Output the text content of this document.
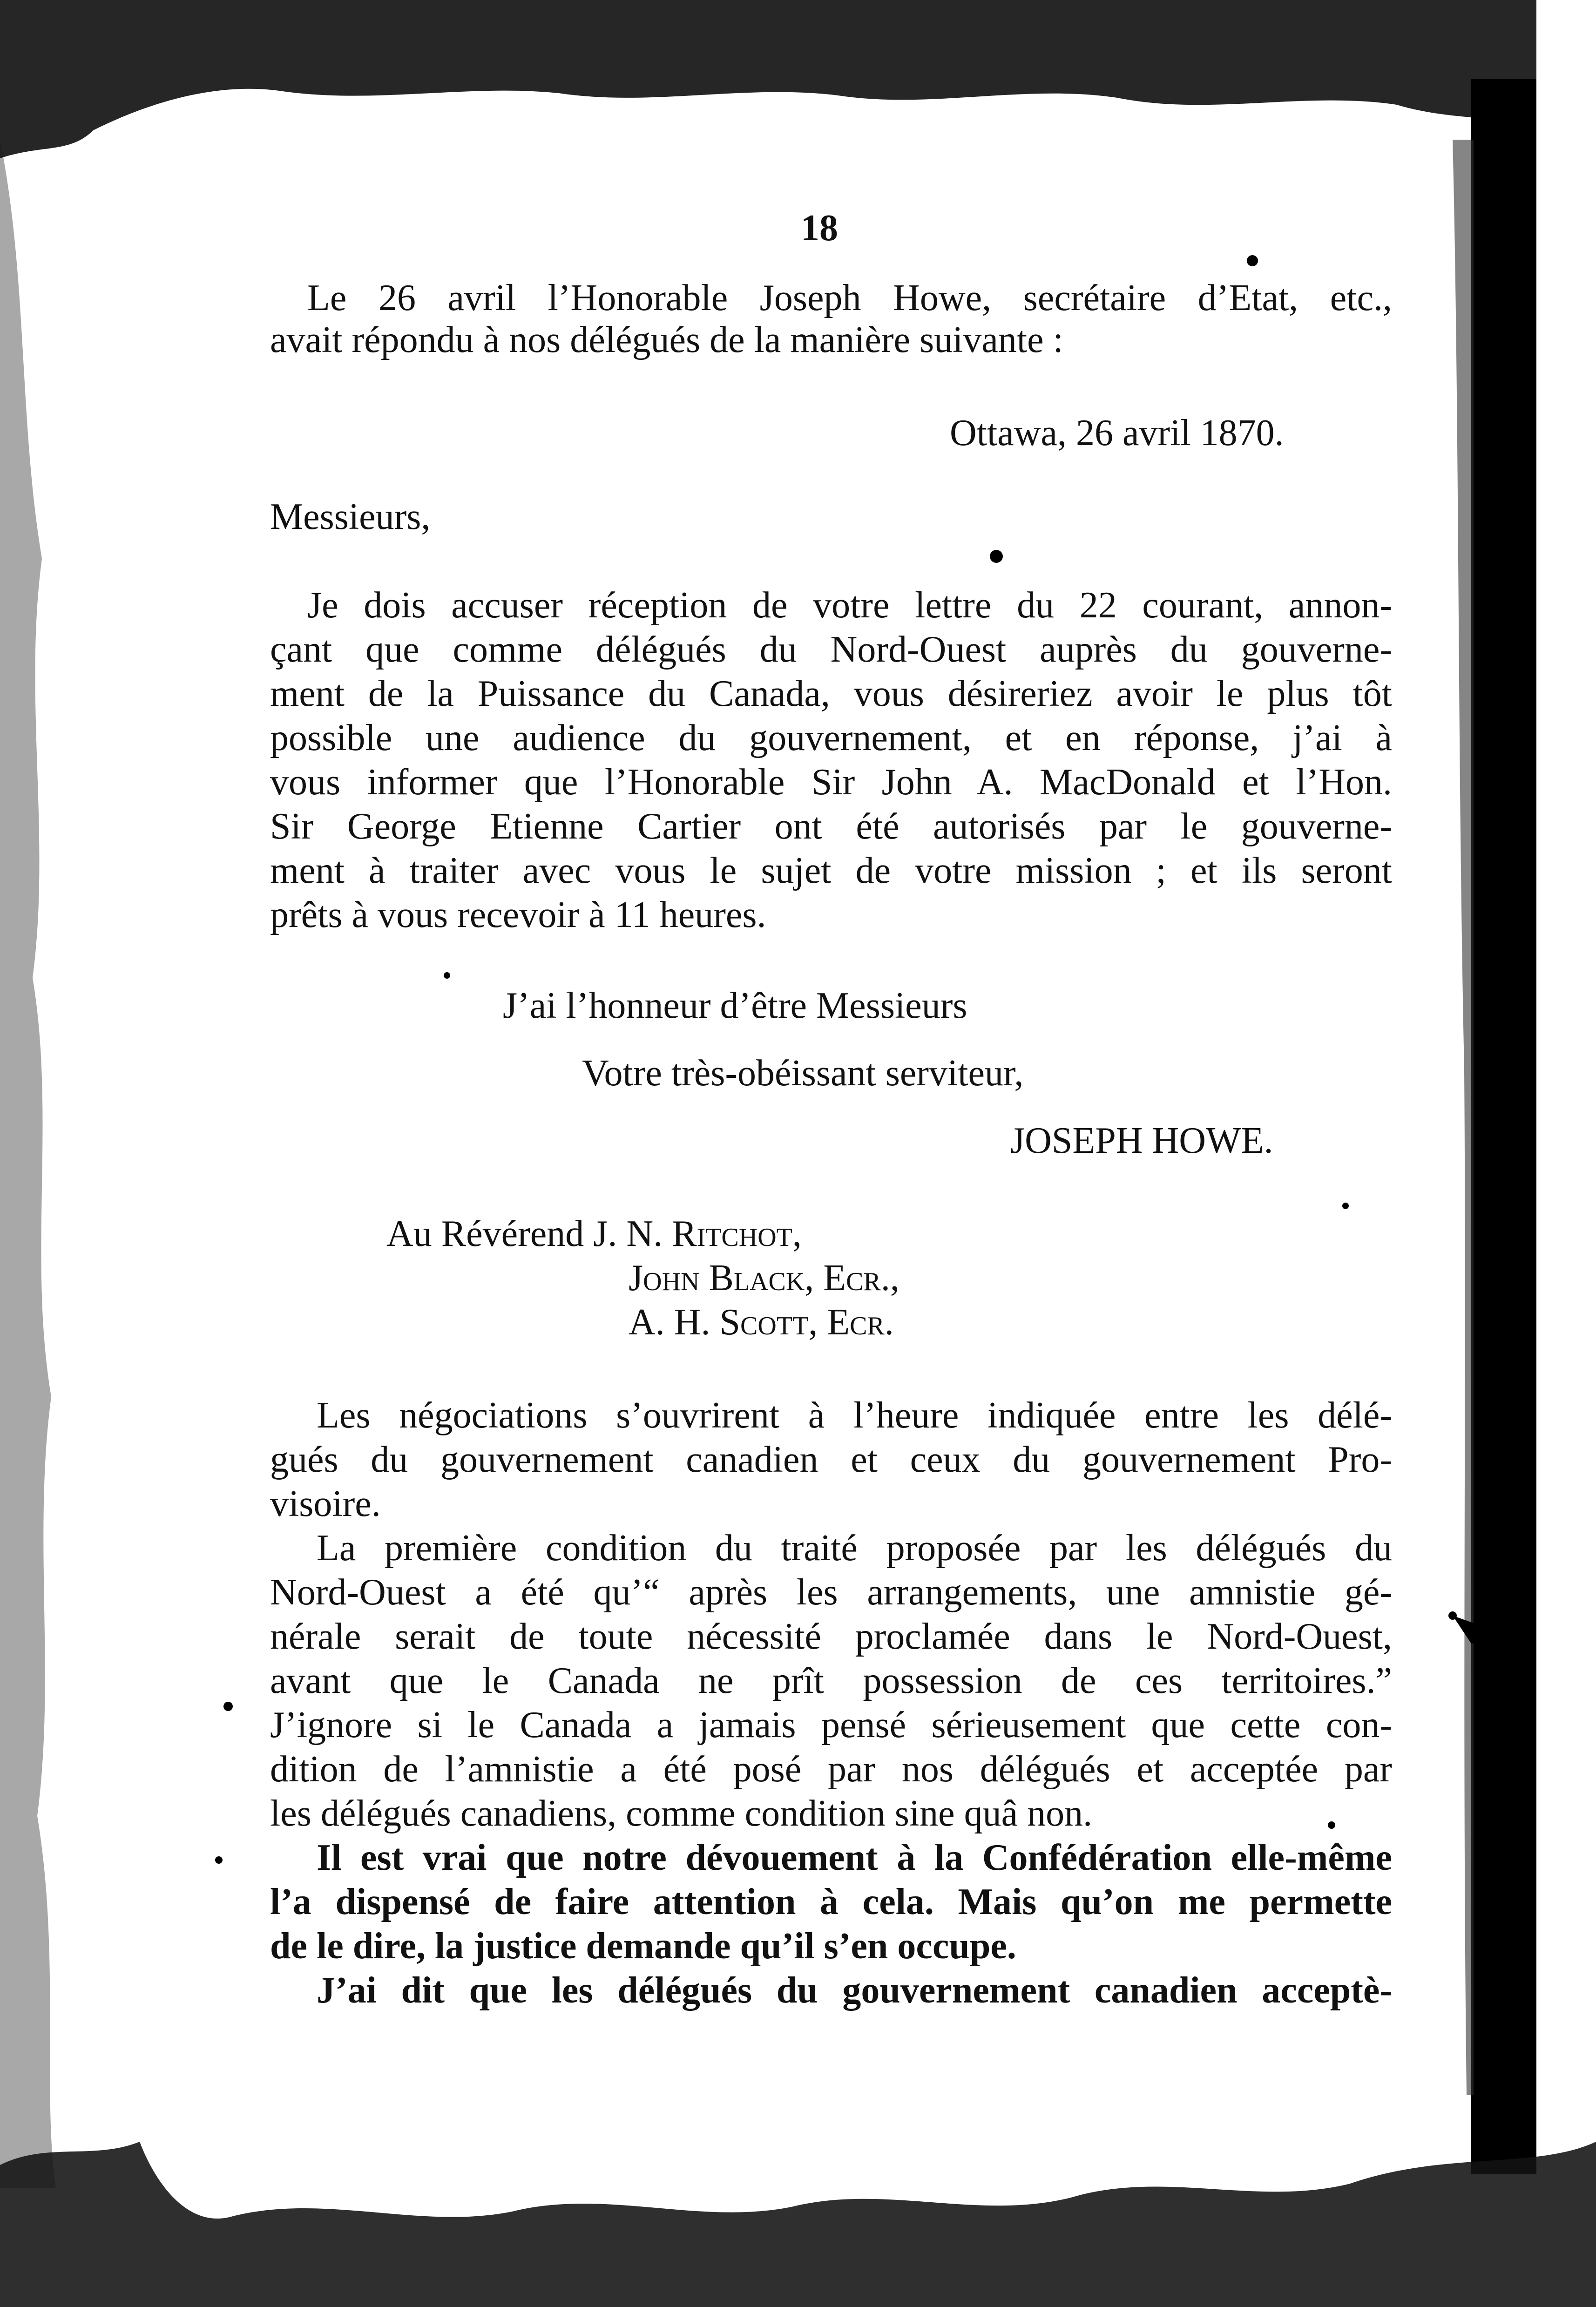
18
Le 26 avril l’Honorable Joseph Howe, secrétaire d’Etat, etc.,
avait répondu à nos délégués de la manière suivante :
Ottawa, 26 avril 1870.
Messieurs,
Je dois accuser réception de votre lettre du 22 courant, annon-
çant que comme délégués du Nord-Ouest auprès du gouverne-
ment de la Puissance du Canada, vous désireriez avoir le plus tôt
possible une audience du gouvernement, et en réponse, j’ai à
vous informer que l’Honorable Sir John A. MacDonald et l’Hon.
Sir George Etienne Cartier ont été autorisés par le gouverne-
ment à traiter avec vous le sujet de votre mission ; et ils seront
prêts à vous recevoir à 11 heures.
J’ai l’honneur d’être Messieurs
Votre très-obéissant serviteur,
JOSEPH HOWE.
Au Révérend J. N. Ritchot,
John Black, Ecr.,
A. H. Scott, Ecr.
Les négociations s’ouvrirent à l’heure indiquée entre les délé-
gués du gouvernement canadien et ceux du gouvernement Pro-
visoire.
La première condition du traité proposée par les délégués du
Nord-Ouest a été qu’“ après les arrangements, une amnistie gé-
nérale serait de toute nécessité proclamée dans le Nord-Ouest,
avant que le Canada ne prît possession de ces territoires.”
J’ignore si le Canada a jamais pensé sérieusement que cette con-
dition de l’amnistie a été posé par nos délégués et acceptée par
les délégués canadiens, comme condition sine quâ non.
Il est vrai que notre dévouement à la Confédération elle-même
l’a dispensé de faire attention à cela. Mais qu’on me permette
de le dire, la justice demande qu’il s’en occupe.
J’ai dit que les délégués du gouvernement canadien acceptè-
